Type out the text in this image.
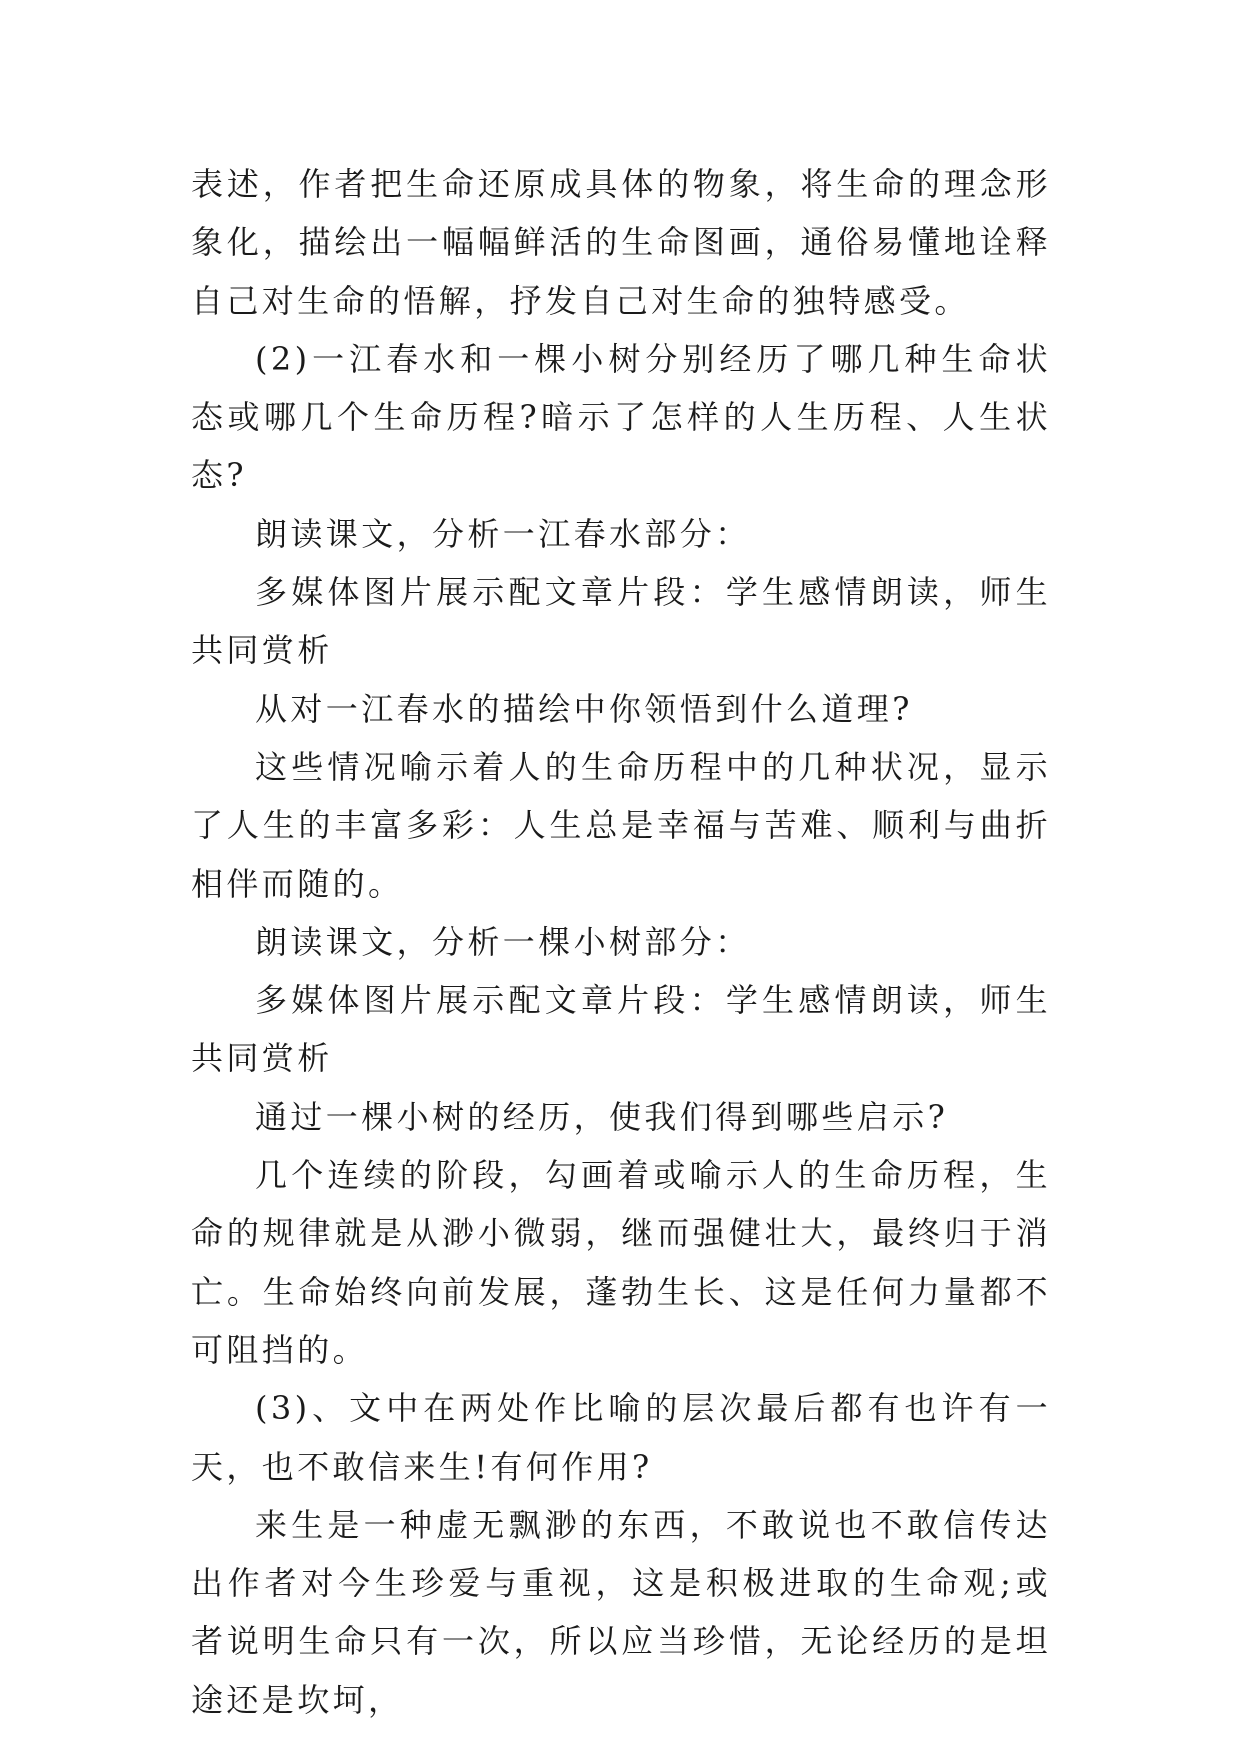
表述，作者把生命还原成具体的物象，将生命的理念形象化，描绘出一幅幅鲜活的生命图画，通俗易懂地诠释自己对生命的悟解，抒发自己对生命的独特感受。

(2)一江春水和一棵小树分别经历了哪几种生命状态或哪几个生命历程?暗示了怎样的人生历程、人生状态?

朗读课文，分析一江春水部分：

多媒体图片展示配文章片段：学生感情朗读，师生共同赏析

从对一江春水的描绘中你领悟到什么道理?

这些情况喻示着人的生命历程中的几种状况，显示了人生的丰富多彩：人生总是幸福与苦难、顺利与曲折相伴而随的。

朗读课文，分析一棵小树部分：

多媒体图片展示配文章片段：学生感情朗读，师生共同赏析

通过一棵小树的经历，使我们得到哪些启示?

几个连续的阶段，勾画着或喻示人的生命历程，生命的规律就是从渺小微弱，继而强健壮大，最终归于消亡。生命始终向前发展，蓬勃生长、这是任何力量都不可阻挡的。

(3)、文中在两处作比喻的层次最后都有也许有一天，也不敢信来生!有何作用?

来生是一种虚无飘渺的东西，不敢说也不敢信传达出作者对今生珍爱与重视，这是积极进取的生命观;或者说明生命只有一次，所以应当珍惜，无论经历的是坦途还是坎坷，
